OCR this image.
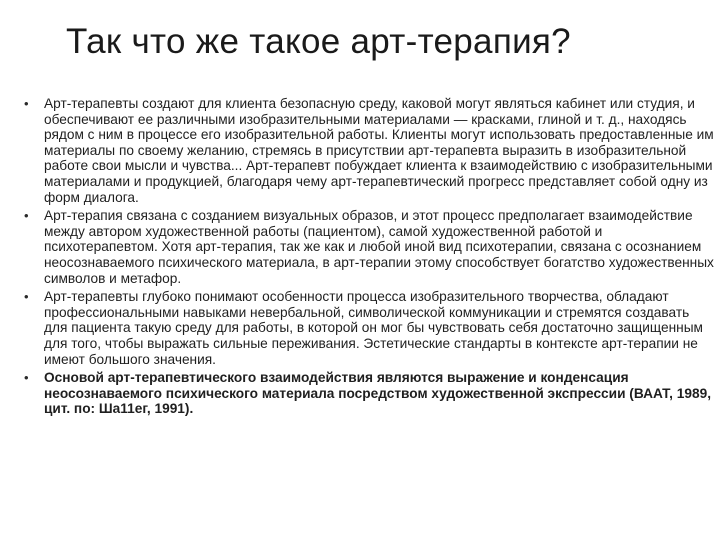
Так что же такое арт-терапия?
• Арт-терапевты создают для клиента безопасную среду, каковой могут являться кабинет или студия, и обеспечивают ее различными изобразительными материалами — красками, глиной и т. д., находясь рядом с ним в процессе его изобразительной работы. Клиенты могут использовать предоставленные им материалы по своему желанию, стремясь в присутствии арт-терапевта выразить в изобразительной работе свои мысли и чувства... Арт-терапевт побуждает клиента к взаимодействию с изобразительными материалами и продукцией, благодаря чему арт-терапевтический прогресс представляет собой одну из форм диалога.
• Арт-терапия связана с созданием визуальных образов, и этот процесс предполагает взаимодействие между автором художественной работы (пациентом), самой художественной работой и психотерапевтом. Хотя арт-терапия, так же как и любой иной вид психотерапии, связана с осознанием неосознаваемого психического материала, в арт-терапии этому способствует богатство художественных символов и метафор.
• Арт-терапевты глубоко понимают особенности процесса изобразительного творчества, обладают профессиональными навыками невербальной, символической коммуникации и стремятся создавать для пациента такую среду для работы, в которой он мог бы чувствовать себя достаточно защищенным для того, чтобы выражать сильные переживания. Эстетические стандарты в контексте арт-терапии не имеют большого значения.
• Основой арт-терапевтического взаимодействия являются выражение и конденсация неосознаваемого психического материала посредством художественной экспрессии (ВААТ, 1989, цит. по: Ша11ег, 1991).
